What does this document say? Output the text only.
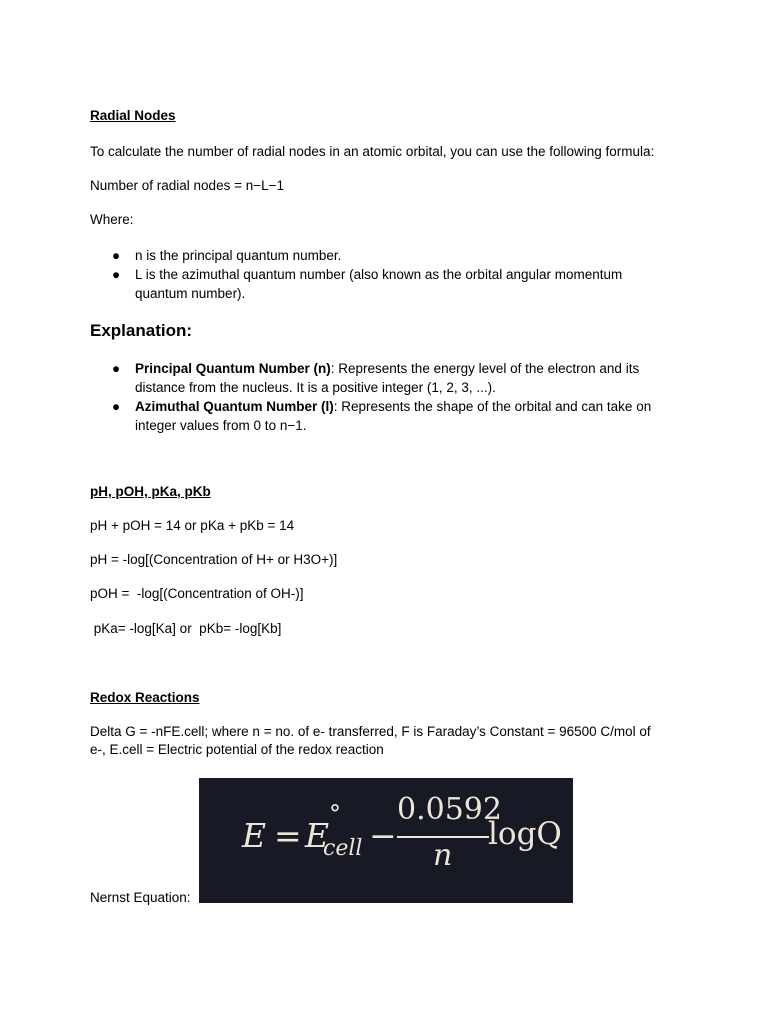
Radial Nodes
To calculate the number of radial nodes in an atomic orbital, you can use the following formula:
Number of radial nodes = n−L−1
Where:
● n is the principal quantum number.
● L is the azimuthal quantum number (also known as the orbital angular momentum quantum number).
Explanation:
● Principal Quantum Number (n): Represents the energy level of the electron and its distance from the nucleus. It is a positive integer (1, 2, 3, ...).
● Azimuthal Quantum Number (l): Represents the shape of the orbital and can take on integer values from 0 to n−1.
pH, pOH, pKa, pKb
pH + pOH = 14 or pKa + pKb = 14
pH = -log[(Concentration of H+ or H3O+)]
pOH =  -log[(Concentration of OH-)]
pKa= -log[Ka] or  pKb= -log[Kb]
Redox Reactions
Delta G = -nFE.cell; where n = no. of e- transferred, F is Faraday’s Constant = 96500 C/mol of
e-, E.cell = Electric potential of the redox reaction
Nernst Equation:
E = E
°
cell −
0.0592
n
logQ
